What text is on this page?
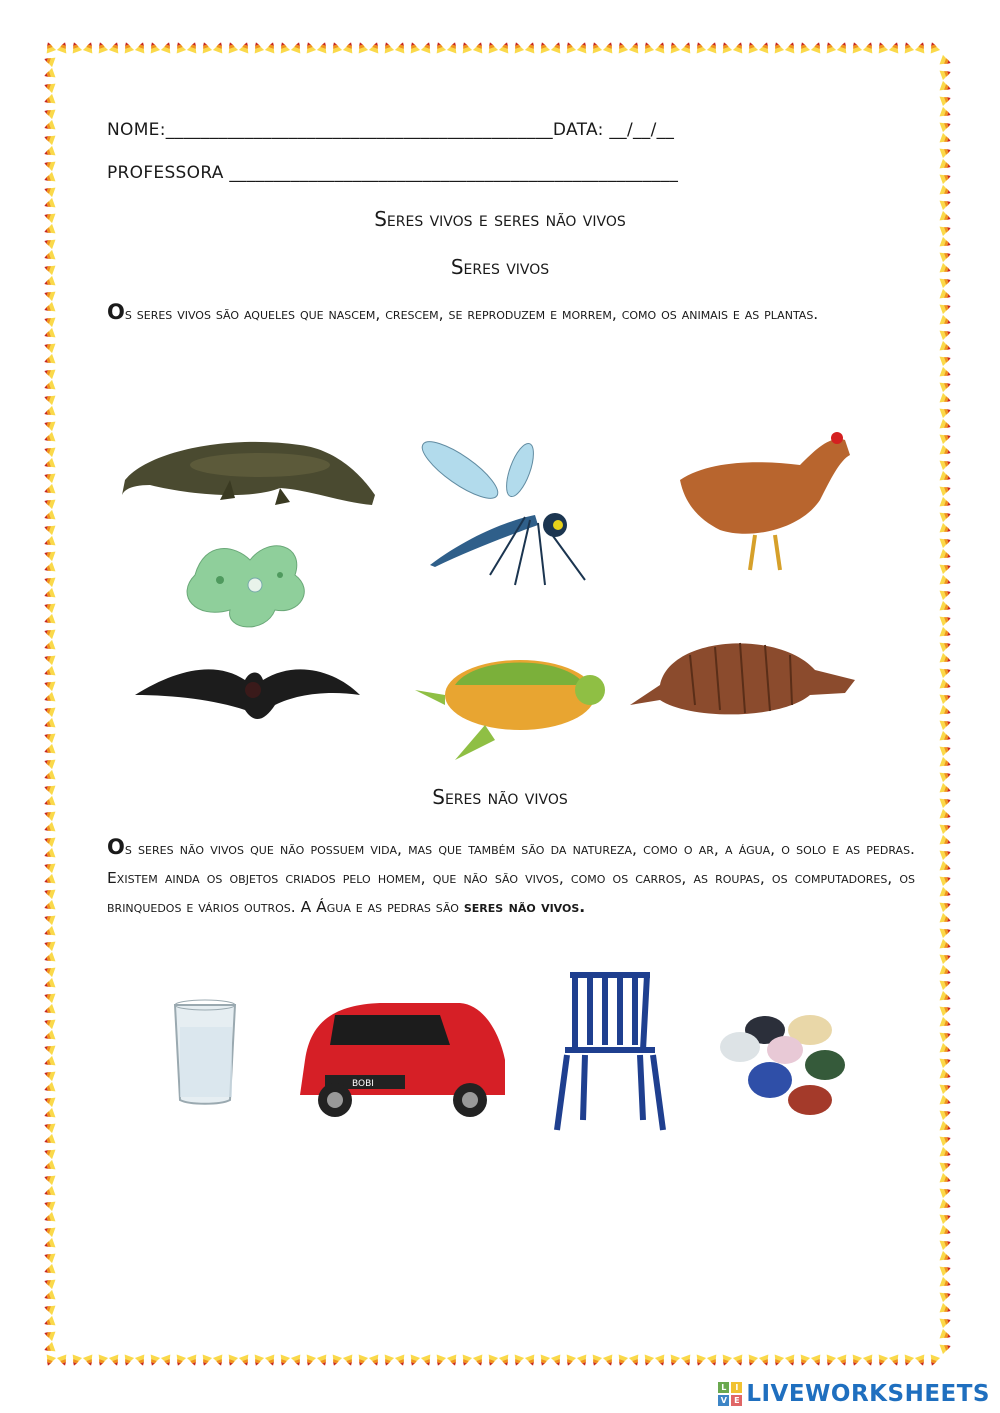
NOME:____________________________________________DATA: __/__/__
PROFESSORA ___________________________________________________
Seres vivos e seres não vivos
Seres vivos
Os seres vivos são aqueles que nascem, crescem, se reproduzem e morrem, como os animais e as plantas.
Seres não vivos
Os seres não vivos que não possuem vida, mas que também são da natureza, como o ar, a água, o solo e as pedras. Existem ainda os objetos criados pelo homem, que não são vivos, como os carros, as roupas, os computadores, os brinquedos e vários outros. A Água e as pedras são seres não vivos.
BOBI
L	I
V E LIVEWORKSHEETS
